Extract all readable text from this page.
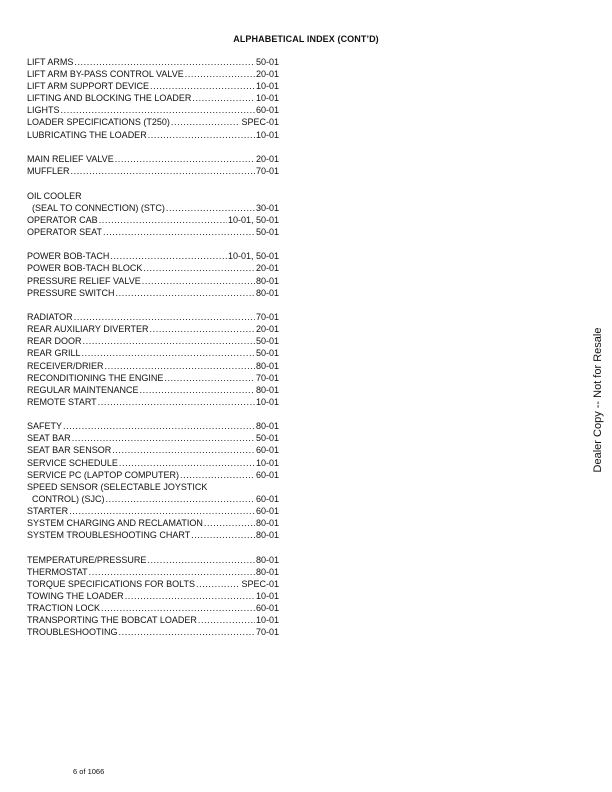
ALPHABETICAL INDEX (CONT’D)
LIFT ARMS .....	50-01
LIFT ARM BY-PASS CONTROL VALVE .....	20-01
LIFT ARM SUPPORT DEVICE .....	10-01
LIFTING AND BLOCKING THE LOADER .....	10-01
LIGHTS .....	60-01
LOADER SPECIFICATIONS (T250) .....	SPEC-01
LUBRICATING THE LOADER .....	10-01
MAIN RELIEF VALVE .....	20-01
MUFFLER .....	70-01
OIL COOLER
(SEAL TO CONNECTION) (STC) .....	30-01
OPERATOR CAB .....	10-01, 50-01
OPERATOR SEAT .....	50-01
POWER BOB-TACH .....	10-01, 50-01
POWER BOB-TACH BLOCK .....	20-01
PRESSURE RELIEF VALVE .....	80-01
PRESSURE SWITCH .....	80-01
RADIATOR .....	70-01
REAR AUXILIARY DIVERTER .....	20-01
REAR DOOR .....	50-01
REAR GRILL .....	50-01
RECEIVER/DRIER .....	80-01
RECONDITIONING THE ENGINE .....	70-01
REGULAR MAINTENANCE .....	80-01
REMOTE START .....	10-01
SAFETY .....	80-01
SEAT BAR .....	50-01
SEAT BAR SENSOR .....	60-01
SERVICE SCHEDULE .....	10-01
SERVICE PC (LAPTOP COMPUTER) .....	60-01
SPEED SENSOR (SELECTABLE JOYSTICK
CONTROL) (SJC) .....	60-01
STARTER .....	60-01
SYSTEM CHARGING AND RECLAMATION .....	80-01
SYSTEM TROUBLESHOOTING CHART .....	80-01
TEMPERATURE/PRESSURE .....	80-01
THERMOSTAT .....	80-01
TORQUE SPECIFICATIONS FOR BOLTS .....	SPEC-01
TOWING THE LOADER .....	10-01
TRACTION LOCK .....	60-01
TRANSPORTING THE BOBCAT LOADER .....	10-01
TROUBLESHOOTING .....	70-01
Dealer Copy -- Not for Resale
6 of 1066
